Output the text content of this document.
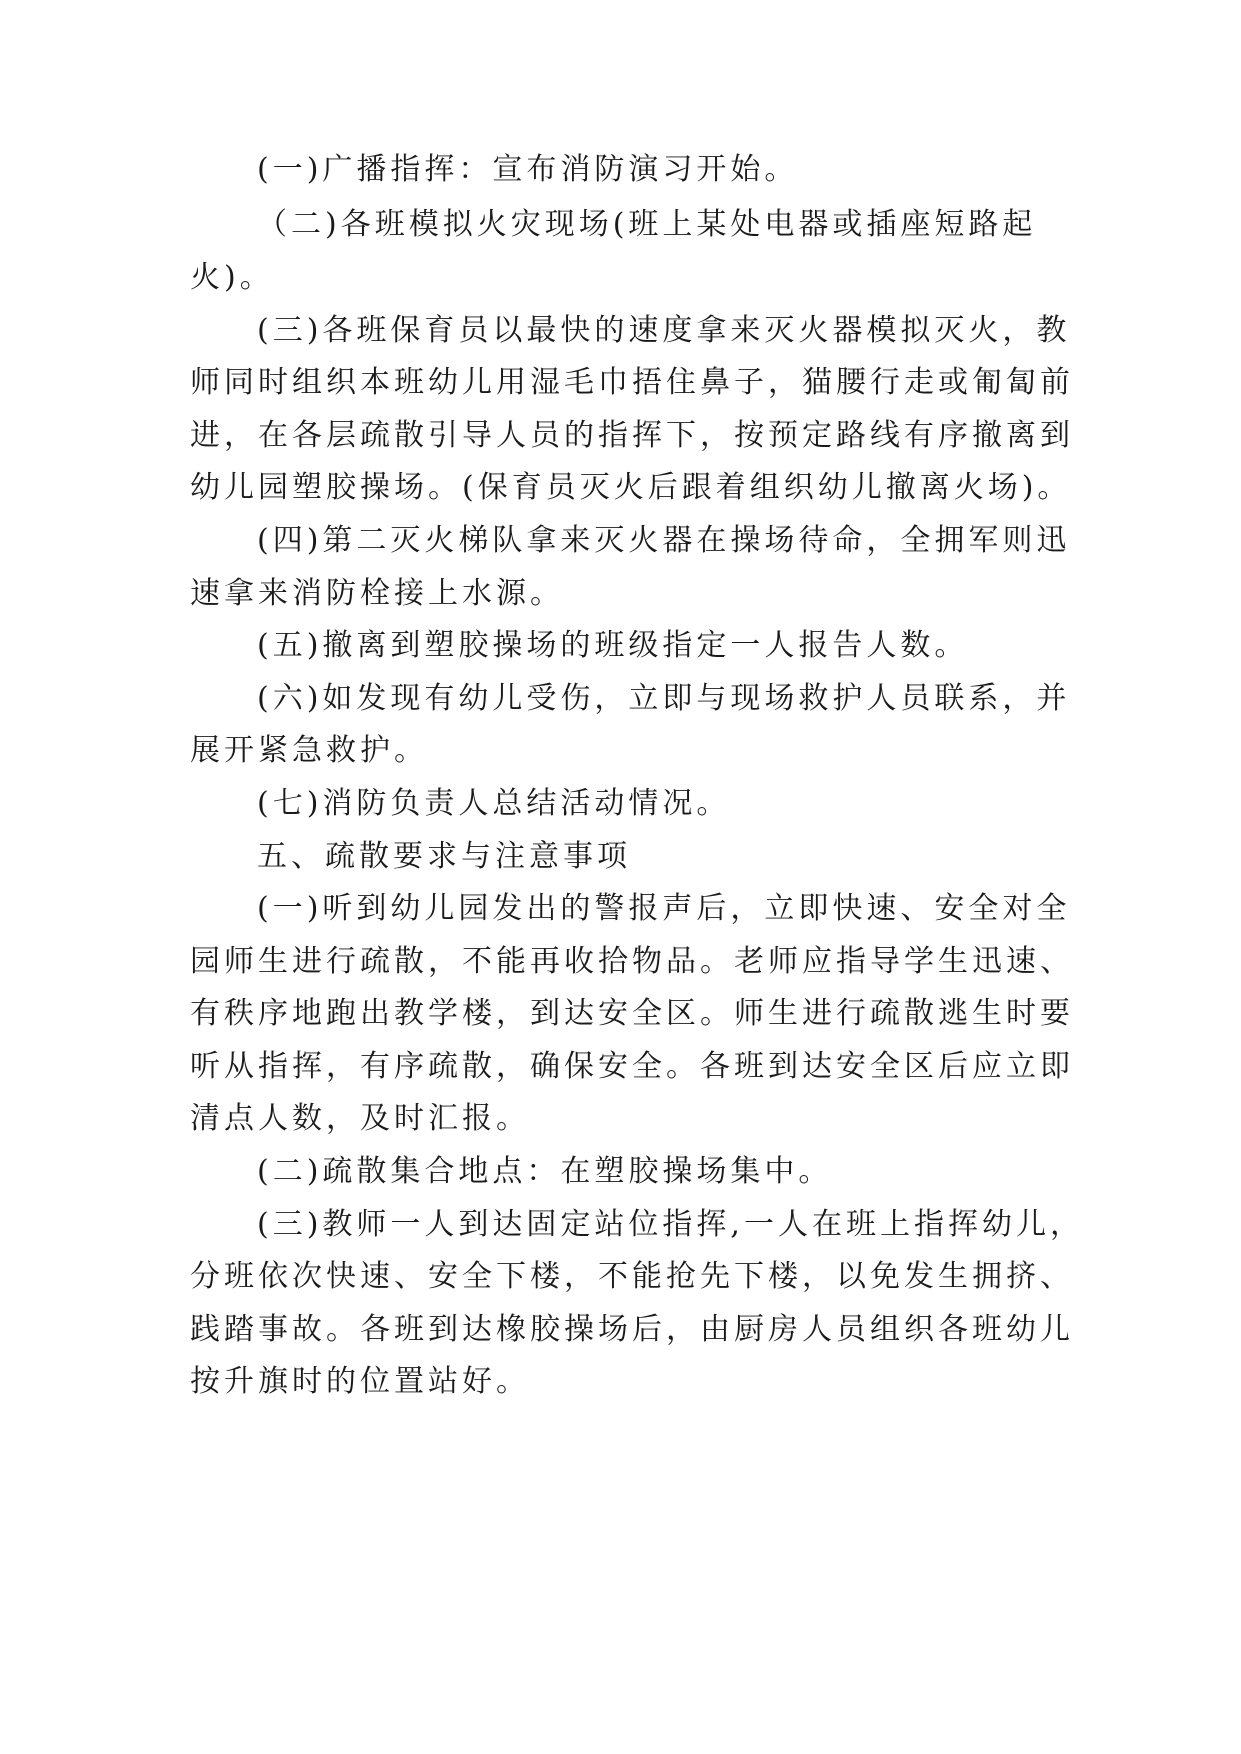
(一)广播指挥：宣布消防演习开始。
（二)各班模拟火灾现场(班上某处电器或插座短路起
火)。
(三)各班保育员以最快的速度拿来灭火器模拟灭火，教
师同时组织本班幼儿用湿毛巾捂住鼻子，猫腰行走或匍匐前
进，在各层疏散引导人员的指挥下，按预定路线有序撤离到
幼儿园塑胶操场。(保育员灭火后跟着组织幼儿撤离火场)。
(四)第二灭火梯队拿来灭火器在操场待命，全拥军则迅
速拿来消防栓接上水源。
(五)撤离到塑胶操场的班级指定一人报告人数。
(六)如发现有幼儿受伤，立即与现场救护人员联系，并
展开紧急救护。
(七)消防负责人总结活动情况。
五、疏散要求与注意事项
(一)听到幼儿园发出的警报声后，立即快速、安全对全
园师生进行疏散，不能再收拾物品。老师应指导学生迅速、
有秩序地跑出教学楼，到达安全区。师生进行疏散逃生时要
听从指挥，有序疏散，确保安全。各班到达安全区后应立即
清点人数，及时汇报。
(二)疏散集合地点：在塑胶操场集中。
(三)教师一人到达固定站位指挥,一人在班上指挥幼儿，
分班依次快速、安全下楼，不能抢先下楼，以免发生拥挤、
践踏事故。各班到达橡胶操场后，由厨房人员组织各班幼儿
按升旗时的位置站好。
